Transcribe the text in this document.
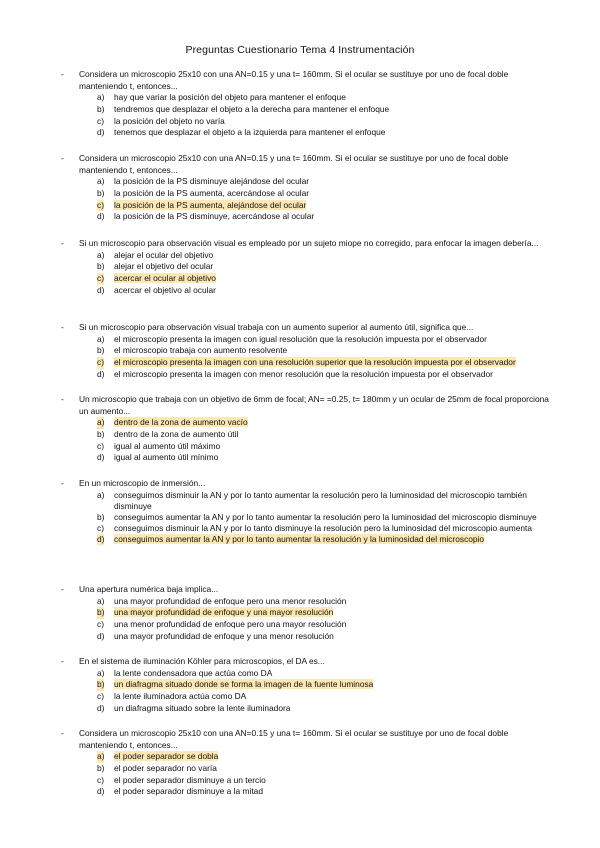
Preguntas Cuestionario Tema 4 Instrumentación
- Considera un microscopio 25x10 con una AN=0.15 y una t= 160mm. Si el ocular se sustituye por uno de focal doble manteniendo t, entonces...
a) hay que variar la posición del objeto para mantener el enfoque
b) tendremos que desplazar el objeto a la derecha para mantener el enfoque
c) la posición del objeto no varía
d) tenemos que desplazar el objeto a la izquierda para mantener el enfoque
- Considera un microscopio 25x10 con una AN=0.15 y una t= 160mm. Si el ocular se sustituye por uno de focal doble manteniendo t, entonces...
a) la posición de la PS disminuye alejándose del ocular
b) la posición de la PS aumenta, acercándose al ocular
c) la posición de la PS aumenta, alejándose del ocular
d) la posición de la PS disminuye, acercándose al ocular
- Si un microscopio para observación visual es empleado por un sujeto miope no corregido, para enfocar la imagen debería...
a) alejar el ocular del objetivo
b) alejar el objetivo del ocular
c) acercar el ocular al objetivo
d) acercar el objetivo al ocular
- Si un microscopio para observación visual trabaja con un aumento superior al aumento útil, significa que...
a) el microscopio presenta la imagen con igual resolución que la resolución impuesta por el observador
b) el microscopio trabaja con aumento resolvente
c) el microscopio presenta la imagen con una resolución superior que la resolución impuesta por el observador
d) el microscopio presenta la imagen con menor resolución que la resolución impuesta por el observador
- Un microscopio que trabaja con un objetivo de 6mm de focal; AN= =0.25, t= 180mm y un ocular de 25mm de focal proporciona un aumento...
a) dentro de la zona de aumento vacío
b) dentro de la zona de aumento útil
c) igual al aumento útil máximo
d) igual al aumento útil mínimo
- En un microscopio de inmersión...
a) conseguimos disminuir la AN y por lo tanto aumentar la resolución pero la luminosidad del microscopio también disminuye
b) conseguimos aumentar la AN y por lo tanto aumentar la resolución pero la luminosidad del microscopio disminuye
c) conseguimos disminuir la AN y por lo tanto disminuye la resolución pero la luminosidad del microscopio aumenta
d) conseguimos aumentar la AN y por lo tanto aumentar la resolución y la luminosidad del microscopio
- Una apertura numérica baja implica...
a) una mayor profundidad de enfoque pero una menor resolución
b) una mayor profundidad de enfoque y una mayor resolución
c) una menor profundidad de enfoque pero una mayor resolución
d) una mayor profundidad de enfoque y una menor resolución
- En el sistema de iluminación Köhler para microscopios, el DA es...
a) la lente condensadora que actúa como DA
b) un diafragma situado donde se forma la imagen de la fuente luminosa
c) la lente iluminadora actúa como DA
d) un diafragma situado sobre la lente iluminadora
- Considera un microscopio 25x10 con una AN=0.15 y una t= 160mm. Si el ocular se sustituye por uno de focal doble manteniendo t, entonces...
a) el poder separador se dobla
b) el poder separador no varía
c) el poder separador disminuye a un tercio
d) el poder separador disminuye a la mitad
